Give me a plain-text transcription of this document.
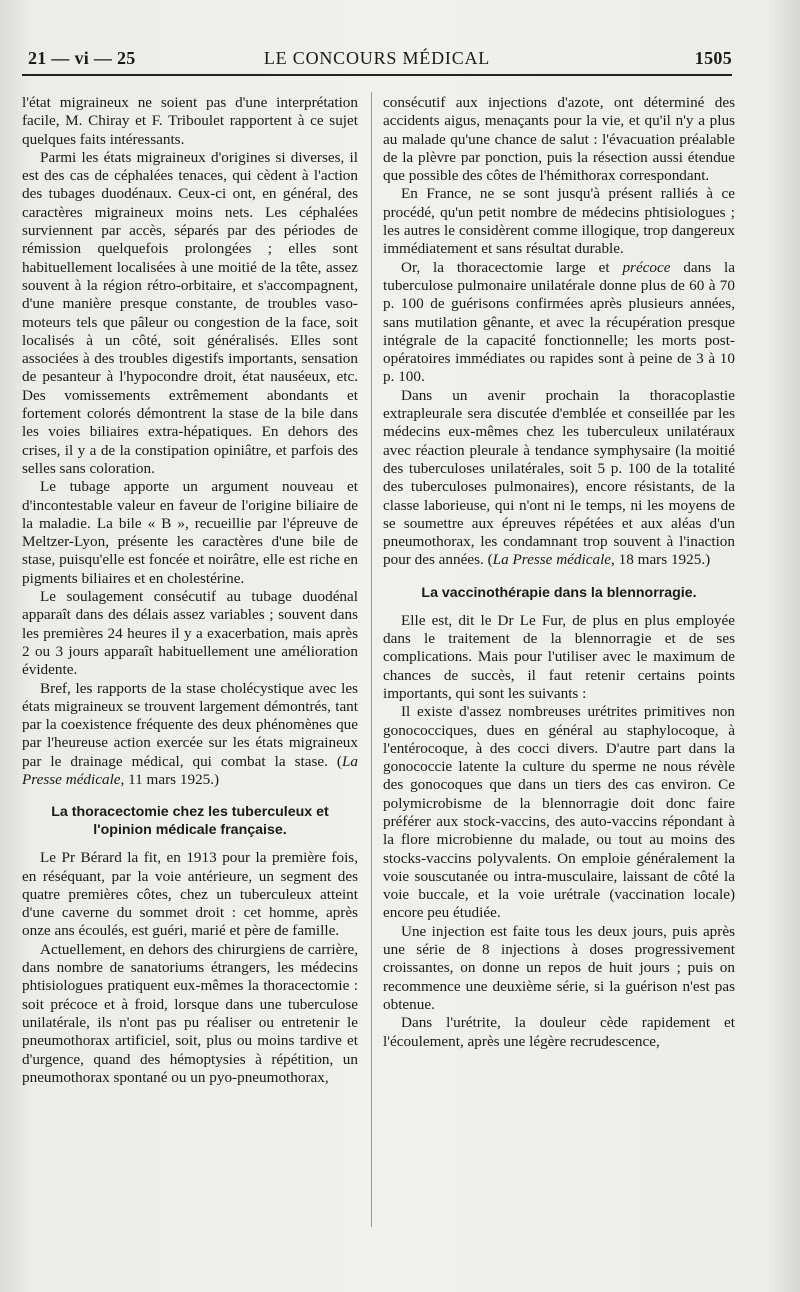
21 — vi — 25	LE CONCOURS MÉDICAL	1505

l'état migraineux ne soient pas d'une interprétation facile, M. Chiray et F. Triboulet rapportent à ce sujet quelques faits intéressants.

Parmi les états migraineux d'origines si diverses, il est des cas de céphalées tenaces, qui cèdent à l'action des tubages duodénaux. Ceux-ci ont, en général, des caractères migraineux moins nets. Les céphalées surviennent par accès, séparés par des périodes de rémission quelquefois prolongées ; elles sont habituellement localisées à une moitié de la tête, assez souvent à la région rétro-orbitaire, et s'accompagnent, d'une manière presque constante, de troubles vaso-moteurs tels que pâleur ou congestion de la face, soit localisés à un côté, soit généralisés. Elles sont associées à des troubles digestifs importants, sensation de pesanteur à l'hypocondre droit, état nauséeux, etc. Des vomissements extrêmement abondants et fortement colorés démontrent la stase de la bile dans les voies biliaires extra-hépatiques. En dehors des crises, il y a de la constipation opiniâtre, et parfois des selles sans coloration.

Le tubage apporte un argument nouveau et d'incontestable valeur en faveur de l'origine biliaire de la maladie. La bile « B », recueillie par l'épreuve de Meltzer-Lyon, présente les caractères d'une bile de stase, puisqu'elle est foncée et noirâtre, elle est riche en pigments biliaires et en cholestérine.

Le soulagement consécutif au tubage duodénal apparaît dans des délais assez variables ; souvent dans les premières 24 heures il y a exacerbation, mais après 2 ou 3 jours apparaît habituellement une amélioration évidente.

Bref, les rapports de la stase cholécystique avec les états migraineux se trouvent largement démontrés, tant par la coexistence fréquente des deux phénomènes que par l'heureuse action exercée sur les états migraineux par le drainage médical, qui combat la stase. (La Presse médicale, 11 mars 1925.)

La thoracectomie chez les tuberculeux et l'opinion médicale française.

Le Pr Bérard la fit, en 1913 pour la première fois, en réséquant, par la voie antérieure, un segment des quatre premières côtes, chez un tuberculeux atteint d'une caverne du sommet droit : cet homme, après onze ans écoulés, est guéri, marié et père de famille.

Actuellement, en dehors des chirurgiens de carrière, dans nombre de sanatoriums étrangers, les médecins phtisiologues pratiquent eux-mêmes la thoracectomie : soit précoce et à froid, lorsque dans une tuberculose unilatérale, ils n'ont pas pu réaliser ou entretenir le pneumothorax artificiel, soit, plus ou moins tardive et d'urgence, quand des hémoptysies à répétition, un pneumothorax spontané ou un pyo-pneumothorax,

consécutif aux injections d'azote, ont déterminé des accidents aigus, menaçants pour la vie, et qu'il n'y a plus au malade qu'une chance de salut : l'évacuation préalable de la plèvre par ponction, puis la résection aussi étendue que possible des côtes de l'hémithorax correspondant.

En France, ne se sont jusqu'à présent ralliés à ce procédé, qu'un petit nombre de médecins phtisiologues ; les autres le considèrent comme illogique, trop dangereux immédiatement et sans résultat durable.

Or, la thoracectomie large et précoce dans la tuberculose pulmonaire unilatérale donne plus de 60 à 70 p. 100 de guérisons confirmées après plusieurs années, sans mutilation gênante, et avec la récupération presque intégrale de la capacité fonctionnelle; les morts post-opératoires immédiates ou rapides sont à peine de 3 à 10 p. 100.

Dans un avenir prochain la thoracoplastie extrapleurale sera discutée d'emblée et conseillée par les médecins eux-mêmes chez les tuberculeux unilatéraux avec réaction pleurale à tendance symphysaire (la moitié des tuberculoses unilatérales, soit 5 p. 100 de la totalité des tuberculoses pulmonaires), encore résistants, de la classe laborieuse, qui n'ont ni le temps, ni les moyens de se soumettre aux épreuves répétées et aux aléas d'un pneumothorax, les condamnant trop souvent à l'inaction pour des années. (La Presse médicale, 18 mars 1925.)

La vaccinothérapie dans la blennorragie.

Elle est, dit le Dr Le Fur, de plus en plus employée dans le traitement de la blennorragie et de ses complications. Mais pour l'utiliser avec le maximum de chances de succès, il faut retenir certains points importants, qui sont les suivants :

Il existe d'assez nombreuses urétrites primitives non gonococciques, dues en général au staphylocoque, à l'entérocoque, à des cocci divers. D'autre part dans la gonococcie latente la culture du sperme ne nous révèle des gonocoques que dans un tiers des cas environ. Ce polymicrobisme de la blennorragie doit donc faire préférer aux stock-vaccins, des auto-vaccins répondant à la flore microbienne du malade, ou tout au moins des stocks-vaccins polyvalents. On emploie généralement la voie souscutanée ou intra-musculaire, laissant de côté la voie buccale, et la voie urétrale (vaccination locale) encore peu étudiée.

Une injection est faite tous les deux jours, puis après une série de 8 injections à doses progressivement croissantes, on donne un repos de huit jours ; puis on recommence une deuxième série, si la guérison n'est pas obtenue.

Dans l'urétrite, la douleur cède rapidement et l'écoulement, après une légère recrudescence,
